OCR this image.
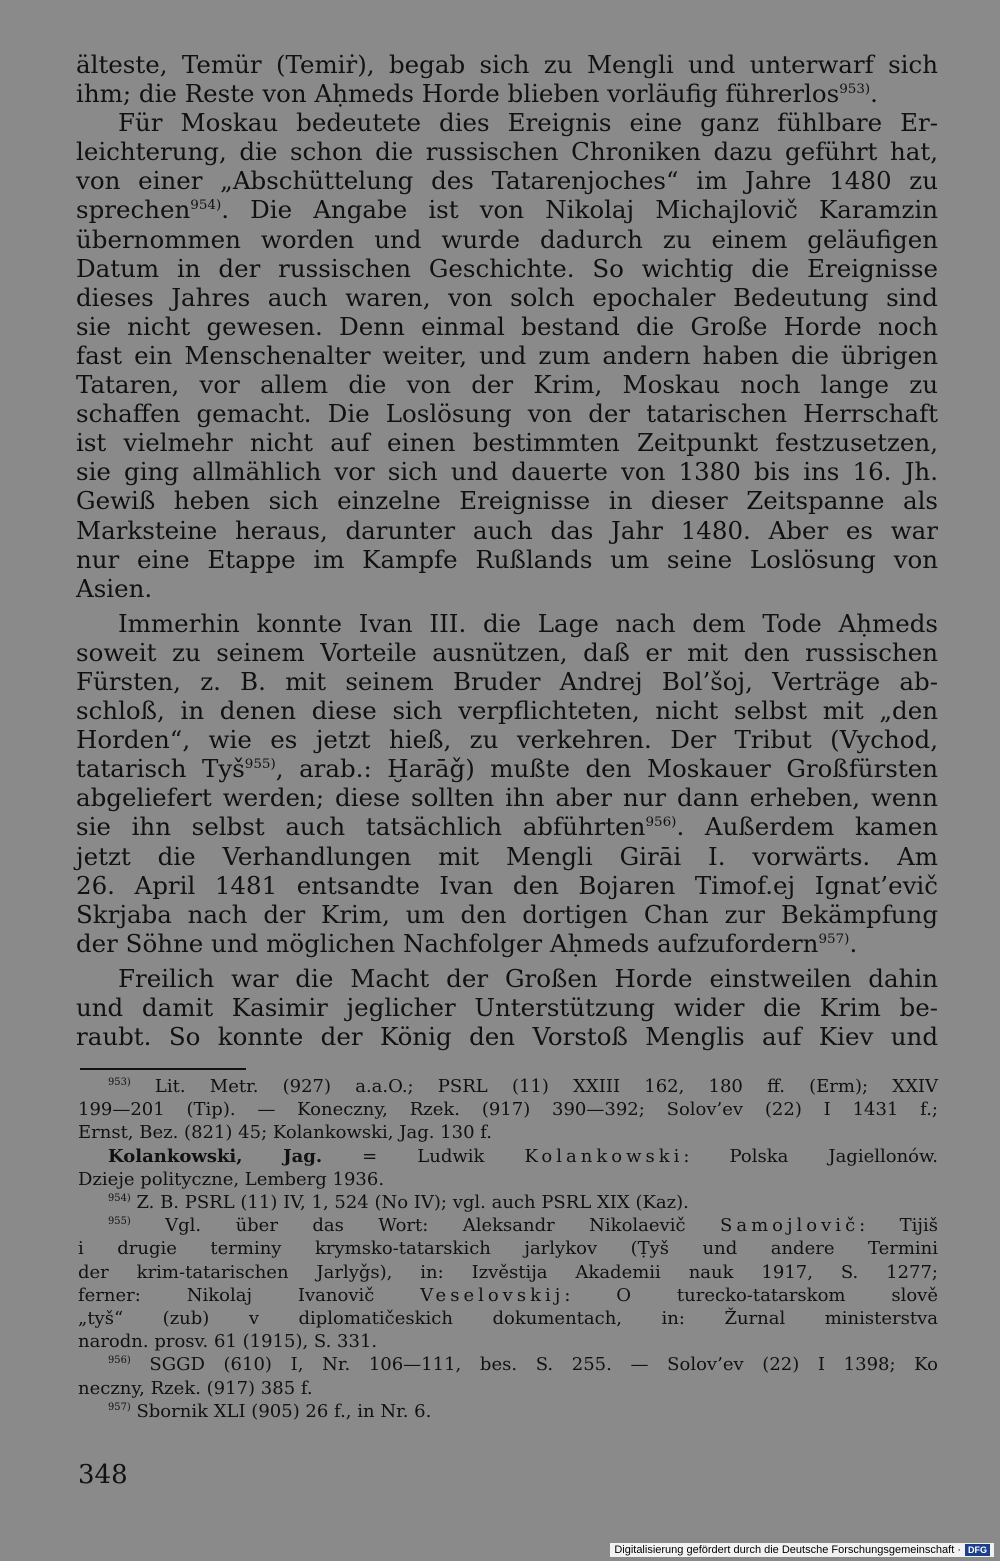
älteste, Temür (Temiṙ), begab sich zu Mengli und unterwarf sich
ihm; die Reste von Aḥmeds Horde blieben vorläufig führerlos$^{953)}$.
Für Moskau bedeutete dies Ereignis eine ganz fühlbare Er-
leichterung, die schon die russischen Chroniken dazu geführt hat,
von einer „Abschüttelung des Tatarenjoches“ im Jahre 1480 zu
sprechen$^{954)}$. Die Angabe ist von Nikolaj Michajlovič Karamzin
übernommen worden und wurde dadurch zu einem geläufigen
Datum in der russischen Geschichte. So wichtig die Ereignisse
dieses Jahres auch waren, von solch epochaler Bedeutung sind
sie nicht gewesen. Denn einmal bestand die Große Horde noch
fast ein Menschenalter weiter, und zum andern haben die übrigen
Tataren, vor allem die von der Krim, Moskau noch lange zu
schaffen gemacht. Die Loslösung von der tatarischen Herrschaft
ist vielmehr nicht auf einen bestimmten Zeitpunkt festzusetzen,
sie ging allmählich vor sich und dauerte von 1380 bis ins 16. Jh.
Gewiß heben sich einzelne Ereignisse in dieser Zeitspanne als
Marksteine heraus, darunter auch das Jahr 1480. Aber es war
nur eine Etappe im Kampfe Rußlands um seine Loslösung von
Asien.
Immerhin konnte Ivan III. die Lage nach dem Tode Aḥmeds
soweit zu seinem Vorteile ausnützen, daß er mit den russischen
Fürsten, z. B. mit seinem Bruder Andrej Bol’šoj, Verträge ab-
schloß, in denen diese sich verpflichteten, nicht selbst mit „den
Horden“, wie es jetzt hieß, zu verkehren. Der Tribut (Vychod,
tatarisch Tyš$^{955)}$, arab.: Ḫarāǧ) mußte den Moskauer Großfürsten
abgeliefert werden; diese sollten ihn aber nur dann erheben, wenn
sie ihn selbst auch tatsächlich abführten$^{956)}$. Außerdem kamen
jetzt die Verhandlungen mit Mengli Girāi I. vorwärts. Am
26. April 1481 entsandte Ivan den Bojaren Timof.ej Ignat’evič
Skrjaba nach der Krim, um den dortigen Chan zur Bekämpfung
der Söhne und möglichen Nachfolger Aḥmeds aufzufordern$^{957)}$.
Freilich war die Macht der Großen Horde einstweilen dahin
und damit Kasimir jeglicher Unterstützung wider die Krim be-
raubt. So konnte der König den Vorstoß Menglis auf Kiev und
$^{953)}$ Lit. Metr. (927) a.a.O.; PSRL (11) XXIII 162, 180 ff. (Erm); XXIV
199—201 (Tip). — Koneczny, Rzek. (917) 390—392; Solov’ev (22) I 1431 f.;
Ernst, Bez. (821) 45; Kolankowski, Jag. 130 f.
Kolankowski, Jag. = Ludwik Kolankowski: Polska Jagiellonów.
Dzieje polityczne, Lemberg 1936.
$^{954)}$ Z. B. PSRL (11) IV, 1, 524 (No IV); vgl. auch PSRL XIX (Kaz).
$^{955)}$ Vgl. über das Wort: Aleksandr Nikolaevič Samojlovič: Tijiš
i drugie terminy krymsko-tatarskich jarlykov (Ṭyš und andere Termini
der krim-tatarischen Jarlyǧs), in: Izvěstija Akademii nauk 1917, S. 1277;
ferner: Nikolaj Ivanovič Veselovskij: O turecko-tatarskom slově
„tyš“ (zub) v diplomatičeskich dokumentach, in: Žurnal ministerstva
narodn. prosv. 61 (1915), S. 331.
$^{956)}$ SGGD (610) I, Nr. 106—111, bes. S. 255. — Solov’ev (22) I 1398; Ko
neczny, Rzek. (917) 385 f.
$^{957)}$ Sbornik XLI (905) 26 f., in Nr. 6.
348
Digitalisierung gefördert durch die Deutsche Forschungsgemeinschaft · DFG
